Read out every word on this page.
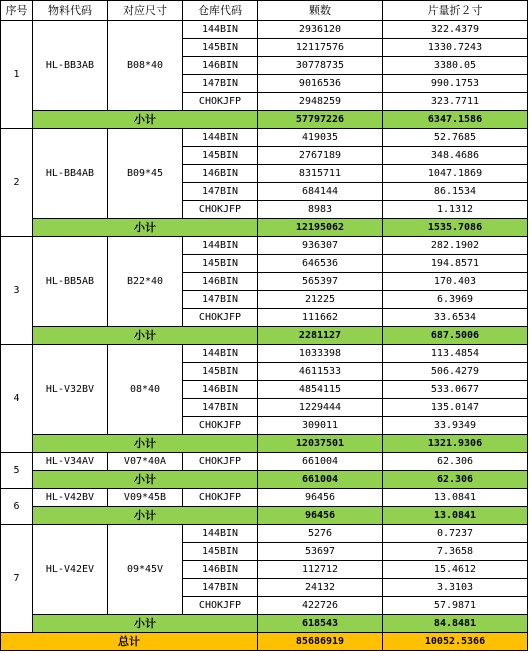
序号	物料代码	对应尺寸	仓库代码	颗数	片量折２寸
1	HL-BB3AB	B08*40	144BIN	2936120	322.4379
			145BIN	12117576	1330.7243
			146BIN	30778735	3380.05
			147BIN	9016536	990.1753
			CHOKJFP	2948259	323.7711
	小计			57797226	6347.1586
2	HL-BB4AB	B09*45	144BIN	419035	52.7685
			145BIN	2767189	348.4686
			146BIN	8315711	1047.1869
			147BIN	684144	86.1534
			CHOKJFP	8983	1.1312
	小计			12195062	1535.7086
3	HL-BB5AB	B22*40	144BIN	936307	282.1902
			145BIN	646536	194.8571
			146BIN	565397	170.403
			147BIN	21225	6.3969
			CHOKJFP	111662	33.6534
	小计			2281127	687.5006
4	HL-V32BV	08*40	144BIN	1033398	113.4854
			145BIN	4611533	506.4279
			146BIN	4854115	533.0677
			147BIN	1229444	135.0147
			CHOKJFP	309011	33.9349
	小计			12037501	1321.9306
5	HL-V34AV	V07*40A	CHOKJFP	661004	62.306
	小计			661004	62.306
6	HL-V42BV	V09*45B	CHOKJFP	96456	13.0841
	小计			96456	13.0841
7	HL-V42EV	09*45V	144BIN	5276	0.7237
			145BIN	53697	7.3658
			146BIN	112712	15.4612
			147BIN	24132	3.3103
			CHOKJFP	422726	57.9871
	小计			618543	84.8481
总计				85686919	10052.5366
